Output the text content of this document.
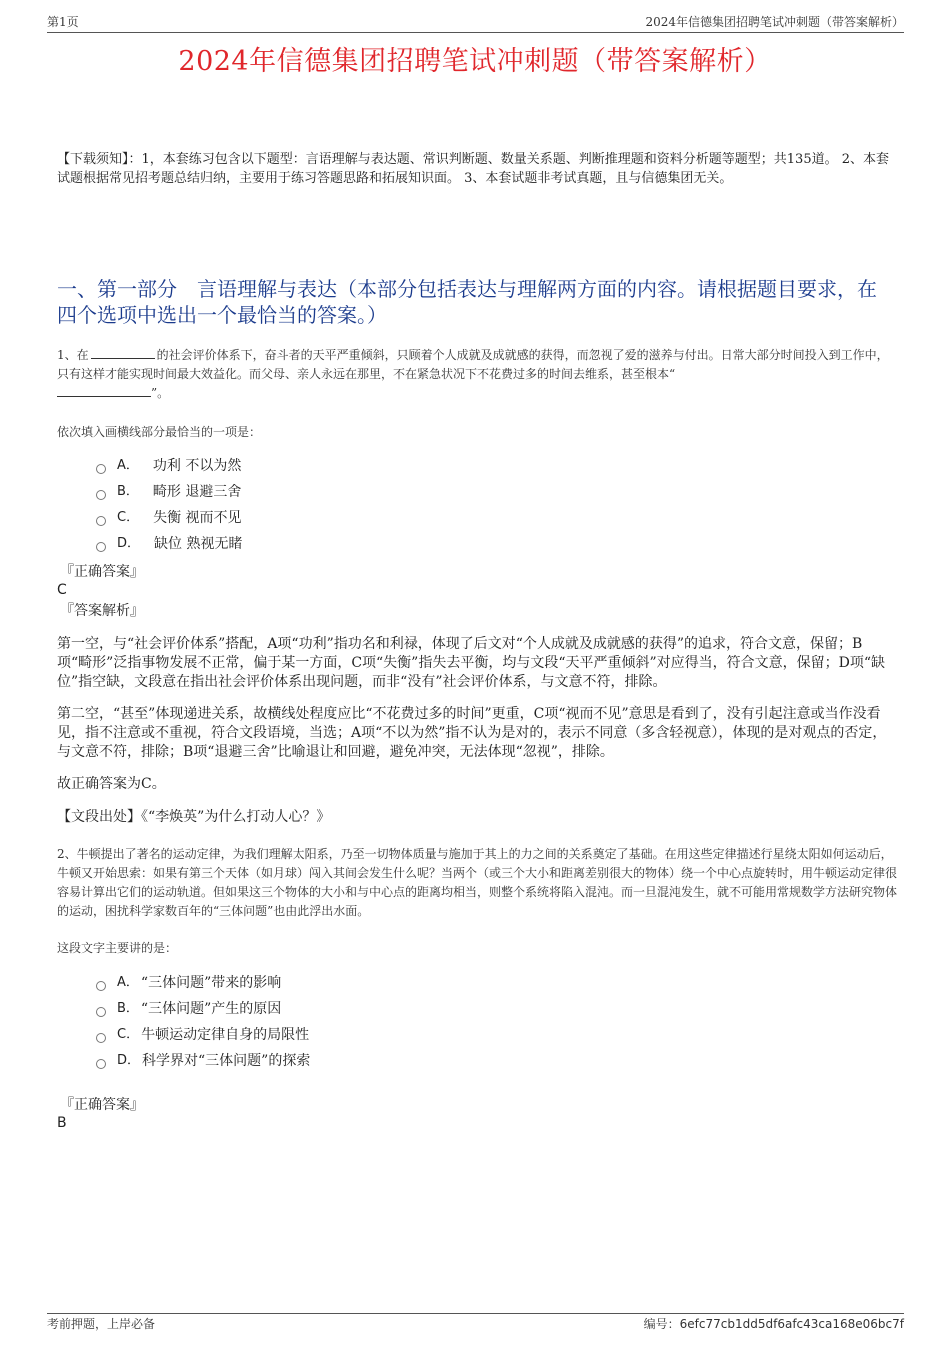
第1页	2024年信德集团招聘笔试冲刺题（带答案解析）
2024年信德集团招聘笔试冲刺题（带答案解析）
【下载须知】：1，本套练习包含以下题型：言语理解与表达题、常识判断题、数量关系题、判断推理题和资料分析题等题型；共135道。 2、本套试题根据常见招考题总结归纳，主要用于练习答题思路和拓展知识面。 3、本套试题非考试真题，且与信德集团无关。
一、第一部分　言语理解与表达（本部分包括表达与理解两方面的内容。请根据题目要求，在四个选项中选出一个最恰当的答案。）
1、在	的社会评价体系下，奋斗者的天平严重倾斜，只顾着个人成就及成就感的获得，而忽视了爱的滋养与付出。日常大部分时间投入到工作中，只有这样才能实现时间最大效益化。而父母、亲人永远在那里，不在紧急状况下不花费过多的时间去维系，甚至根本“
”。
依次填入画横线部分最恰当的一项是：
A． 功利 不以为然
B． 畸形 退避三舍
C． 失衡 视而不见
D． 缺位 熟视无睹
『正确答案』
C
『答案解析』
第一空，与“社会评价体系”搭配，A项“功利”指功名和利禄，体现了后文对“个人成就及成就感的获得”的追求，符合文意，保留；B项“畸形”泛指事物发展不正常，偏于某一方面，C项“失衡”指失去平衡，均与文段“天平严重倾斜”对应得当，符合文意，保留；D项“缺位”指空缺，文段意在指出社会评价体系出现问题，而非“没有”社会评价体系，与文意不符，排除。
第二空，“甚至”体现递进关系，故横线处程度应比“不花费过多的时间”更重，C项“视而不见”意思是看到了，没有引起注意或当作没看见，指不注意或不重视，符合文段语境，当选；A项“不以为然”指不认为是对的，表示不同意（多含轻视意），体现的是对观点的否定，与文意不符，排除；B项“退避三舍”比喻退让和回避，避免冲突，无法体现“忽视”，排除。
故正确答案为C。
【文段出处】《“李焕英”为什么打动人心？》
2、牛顿提出了著名的运动定律，为我们理解太阳系，乃至一切物体质量与施加于其上的力之间的关系奠定了基础。在用这些定律描述行星绕太阳如何运动后，牛顿又开始思索：如果有第三个天体（如月球）闯入其间会发生什么呢？当两个（或三个大小和距离差别很大的物体）绕一个中心点旋转时，用牛顿运动定律很容易计算出它们的运动轨道。但如果这三个物体的大小和与中心点的距离均相当，则整个系统将陷入混沌。而一旦混沌发生，就不可能用常规数学方法研究物体的运动，困扰科学家数百年的“三体问题”也由此浮出水面。
这段文字主要讲的是：
A． “三体问题”带来的影响
B． “三体问题”产生的原因
C． 牛顿运动定律自身的局限性
D． 科学界对“三体问题”的探索
『正确答案』
B
考前押题，上岸必备	编号：6efc77cb1dd5df6afc43ca168e06bc7f
